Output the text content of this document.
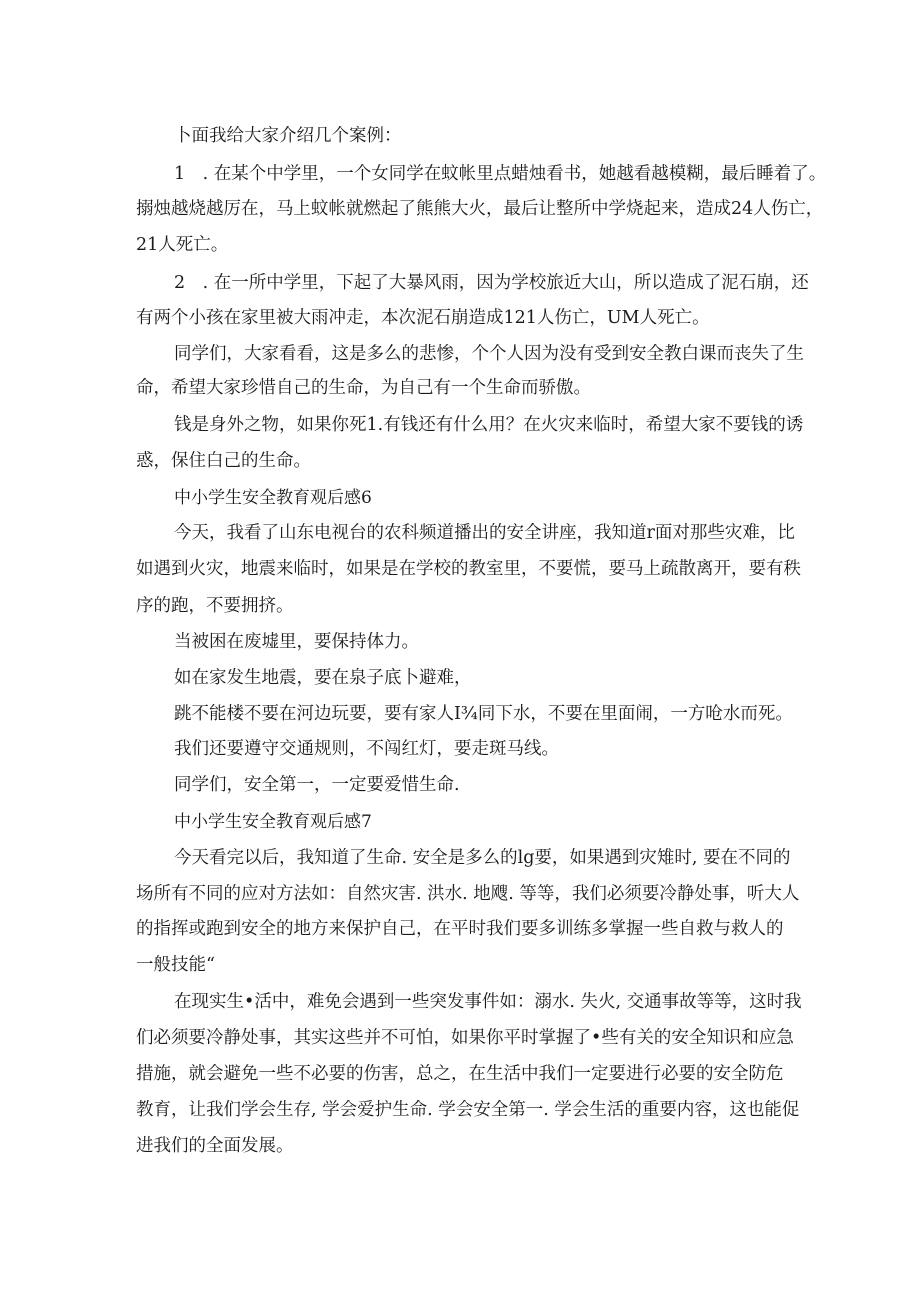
卜面我给大家介绍几个案例：

1　. 在某个中学里，一个女同学在蚊帐里点蜡烛看书，她越看越模糊，最后睡着了。

搦烛越烧越厉在，马上蚊帐就燃起了熊熊大火，最后让整所中学烧起来，造成24人伤亡，

21人死亡。

2　. 在一所中学里，下起了大暴风雨，因为学校旅近大山，所以造成了泥石崩，还

有两个小孩在家里被大雨冲走，本次泥石崩造成121人伤亡，UM人死亡。

同学们，大家看看，这是多么的悲惨，个个人因为没有受到安全教白课而丧失了生

命，希望大家珍惜自己的生命，为自己有一个生命而骄傲。

钱是身外之物，如果你死1.有钱还有什么用？在火灾来临时，希望大家不要钱的诱

惑，保住白己的生命。

中小学生安全教育观后感6

今天，我看了山东电视台的农科频道播出的安全讲座，我知道r面对那些灾难，比

如遇到火灾，地震来临时，如果是在学校的教室里，不要慌，要马上疏散离开，要有秩

序的跑，不要拥挤。

当被困在废墟里，要保持体力。

如在家发生地震，要在泉子底卜避难，

跳不能楼不要在河边玩要，要有家人I¾同下水，不要在里面闹，一方呛水而死。

我们还要遵守交通规则，不闯红灯，要走斑马线。

同学们，安全第一，一定要爱惜生命.

中小学生安全教育观后感7

今天看完以后，我知道了生命. 安全是多么的lg要，如果遇到灾雉时, 要在不同的

场所有不同的应对方法如：自然灾害. 洪水. 地飕. 等等，我们必须要冷静处事，听大人

的指挥或跑到安全的地方来保护自己，在平时我们要多训练多掌握一些自救与救人的

一般技能“

在现实生•活中，难免会遇到一些突发事件如：溺水. 失火, 交通事故等等，这时我

们必须要冷静处事，其实这些并不可怕，如果你平时掌握了•些有关的安全知识和应急

措施，就会避免一些不必要的伤害，总之，在生活中我们一定要进行必要的安全防危

教育，让我们学会生存, 学会爱护生命. 学会安全第一. 学会生活的重要内容，这也能促

进我们的全面发展。
